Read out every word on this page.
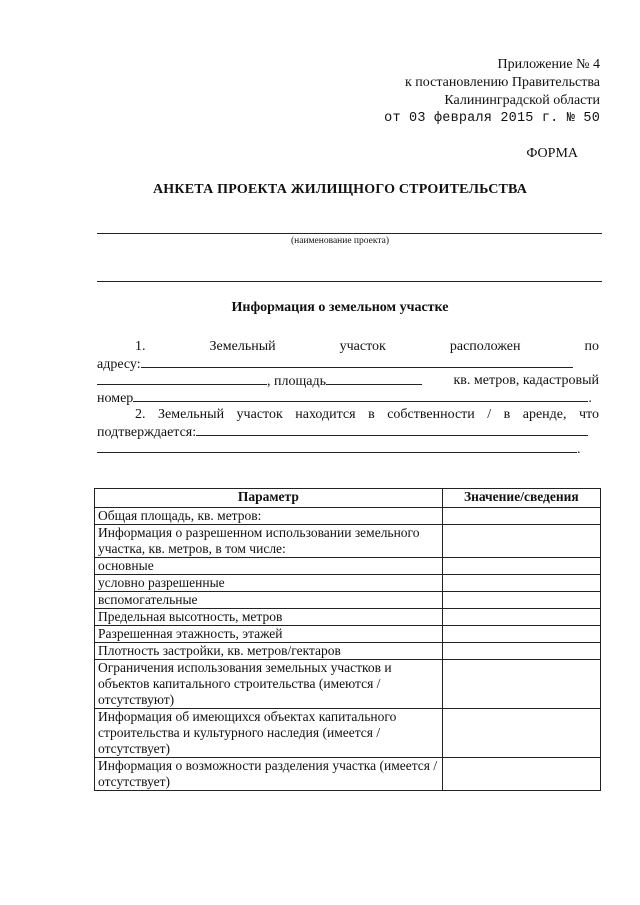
Приложение № 4
к постановлению Правительства
Калининградской области
от 03 февраля 2015 г. № 50
ФОРМА
АНКЕТА ПРОЕКТА ЖИЛИЩНОГО СТРОИТЕЛЬСТВА
(наименование проекта)
Информация о земельном участке
1.	Земельный	участок	расположен	по
адресу:
, площадь	кв. метров, кадастровый
номер	.
2. Земельный участок находится в собственности / в аренде, что
подтверждается:
.
Параметр	Значение/сведения
Общая площадь, кв. метров:	
Информация о разрешенном использовании земельного участка, кв. метров, в том числе:	
основные	
условно разрешенные	
вспомогательные	
Предельная высотность, метров	
Разрешенная этажность, этажей	
Плотность застройки, кв. метров/гектаров	
Ограничения использования земельных участков и объектов капитального строительства (имеются / отсутствуют)	
Информация об имеющихся объектах капитального строительства и культурного наследия (имеется / отсутствует)	
Информация о возможности разделения участка (имеется / отсутствует)	
